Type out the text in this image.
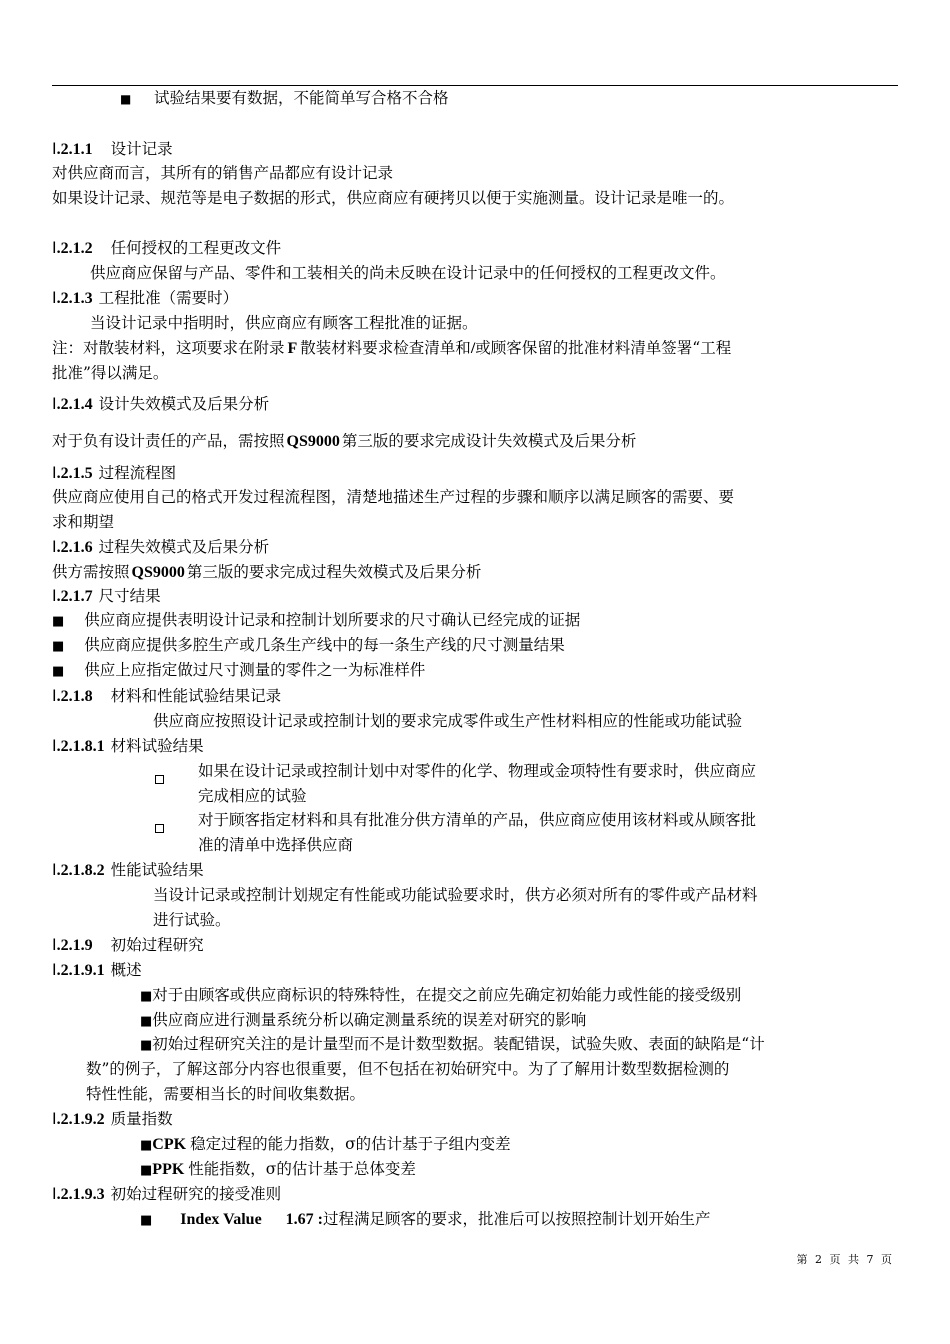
■ 试验结果要有数据，不能简单写合格不合格
Ⅰ.2.1.1 设计记录
对供应商而言，其所有的销售产品都应有设计记录
如果设计记录、规范等是电子数据的形式，供应商应有硬拷贝以便于实施测量。设计记录是唯一的。
Ⅰ.2.1.2 任何授权的工程更改文件
供应商应保留与产品、零件和工装相关的尚未反映在设计记录中的任何授权的工程更改文件。
Ⅰ.2.1.3 工程批准（需要时）
当设计记录中指明时，供应商应有顾客工程批准的证据。
注：对散装材料，这项要求在附录 F 散装材料要求检查清单和/或顾客保留的批准材料清单签署“工程
批准”得以满足。
Ⅰ.2.1.4 设计失效模式及后果分析
对于负有设计责任的产品，需按照 QS9000 第三版的要求完成设计失效模式及后果分析
Ⅰ.2.1.5 过程流程图
供应商应使用自己的格式开发过程流程图，清楚地描述生产过程的步骤和顺序以满足顾客的需要、要
求和期望
Ⅰ.2.1.6 过程失效模式及后果分析
供方需按照 QS9000 第三版的要求完成过程失效模式及后果分析
Ⅰ.2.1.7 尺寸结果
■ 供应商应提供表明设计记录和控制计划所要求的尺寸确认已经完成的证据
■ 供应商应提供多腔生产或几条生产线中的每一条生产线的尺寸测量结果
■ 供应上应指定做过尺寸测量的零件之一为标准样件
Ⅰ.2.1.8 材料和性能试验结果记录
供应商应按照设计记录或控制计划的要求完成零件或生产性材料相应的性能或功能试验
Ⅰ.2.1.8.1 材料试验结果
如果在设计记录或控制计划中对零件的化学、物理或金项特性有要求时，供应商应
完成相应的试验
对于顾客指定材料和具有批准分供方清单的产品，供应商应使用该材料或从顾客批
准的清单中选择供应商
Ⅰ.2.1.8.2 性能试验结果
当设计记录或控制计划规定有性能或功能试验要求时，供方必须对所有的零件或产品材料
进行试验。
Ⅰ.2.1.9 初始过程研究
Ⅰ.2.1.9.1 概述
■对于由顾客或供应商标识的特殊特性，在提交之前应先确定初始能力或性能的接受级别
■供应商应进行测量系统分析以确定测量系统的误差对研究的影响
■初始过程研究关注的是计量型而不是计数型数据。装配错误，试验失败、表面的缺陷是“计
数”的例子，了解这部分内容也很重要，但不包括在初始研究中。为了了解用计数型数据检测的
特性性能，需要相当长的时间收集数据。
Ⅰ.2.1.9.2 质量指数
■CPK 稳定过程的能力指数，σ的估计基于子组内变差
■PPK 性能指数，σ的估计基于总体变差
Ⅰ.2.1.9.3 初始过程研究的接受准则
■ Index Value 1.67 :过程满足顾客的要求，批准后可以按照控制计划开始生产
第 2 页 共 7 页
